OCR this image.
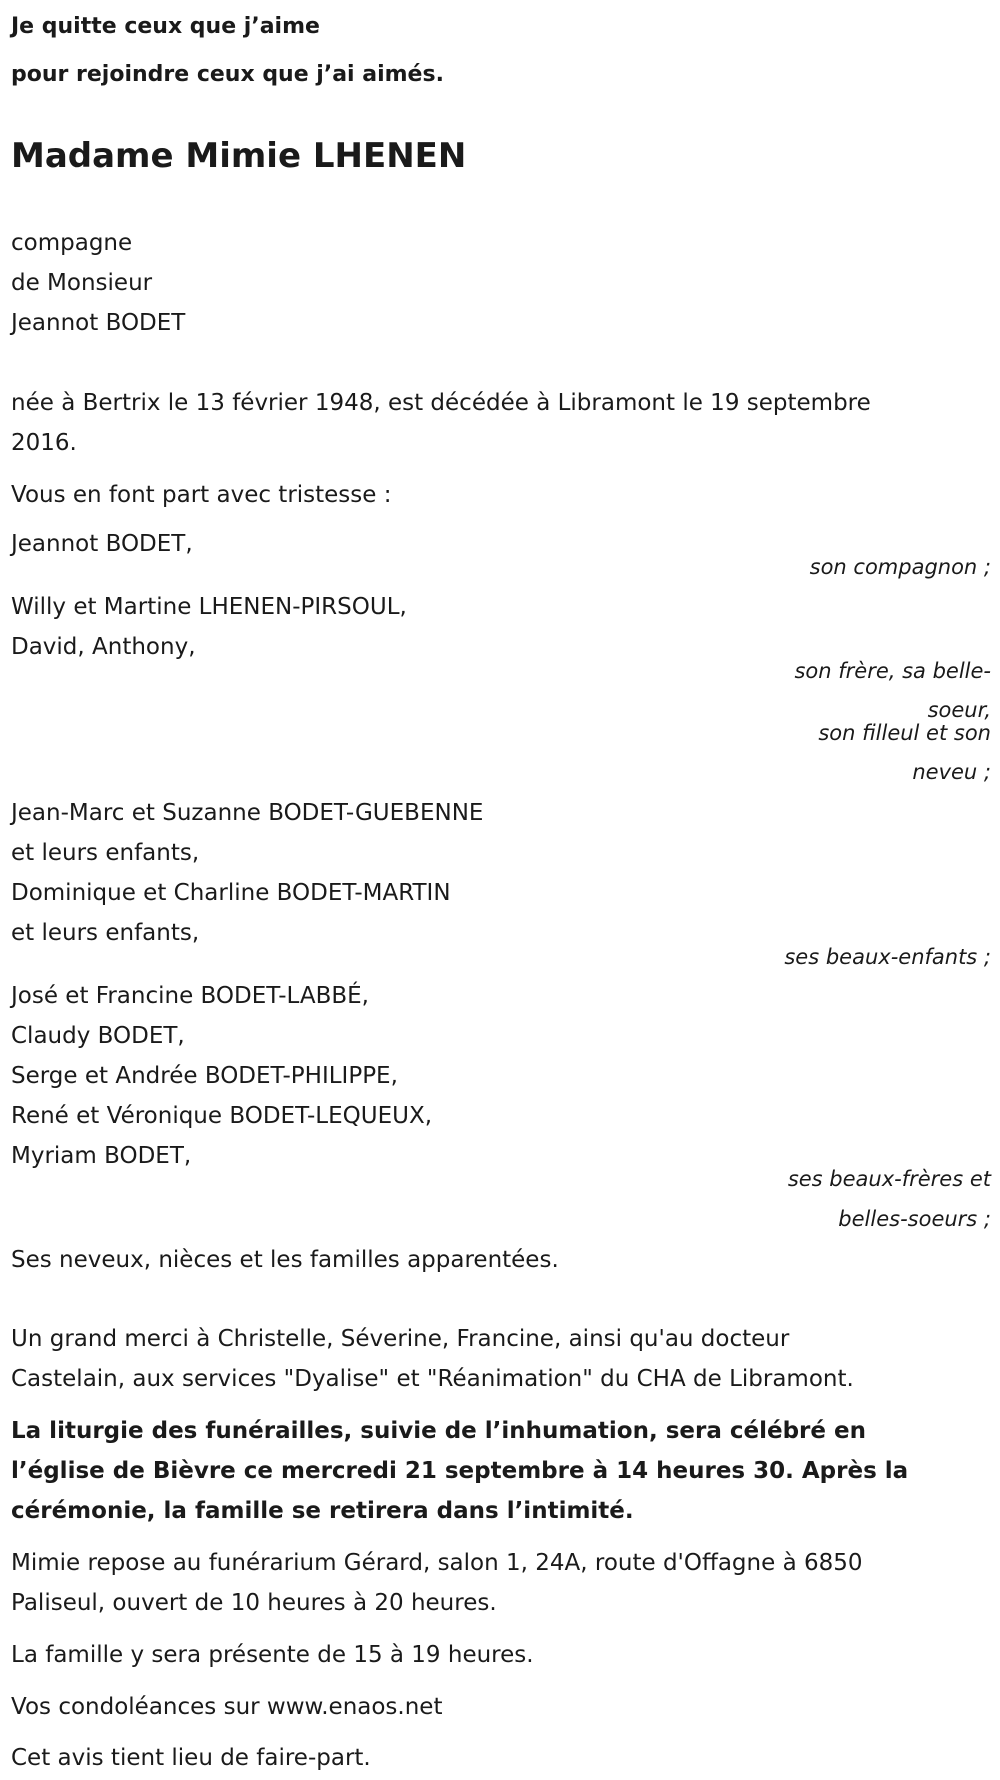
Je quitte ceux que j’aime
pour rejoindre ceux que j’ai aimés.
Madame Mimie LHENEN
compagne
de Monsieur
Jeannot BODET
née à Bertrix le 13 février 1948, est décédée à Libramont le 19 septembre
2016.
Vous en font part avec tristesse :
Jeannot BODET,
son compagnon ;
Willy et Martine LHENEN-PIRSOUL,
David, Anthony,
son frère, sa belle-
soeur,
son filleul et son
neveu ;
Jean-Marc et Suzanne BODET-GUEBENNE
et leurs enfants,
Dominique et Charline BODET-MARTIN
et leurs enfants,
ses beaux-enfants ;
José et Francine BODET-LABBÉ,
Claudy BODET,
Serge et Andrée BODET-PHILIPPE,
René et Véronique BODET-LEQUEUX,
Myriam BODET,
ses beaux-frères et
belles-soeurs ;
Ses neveux, nièces et les familles apparentées.
Un grand merci à Christelle, Séverine, Francine, ainsi qu'au docteur
Castelain, aux services "Dyalise" et "Réanimation" du CHA de Libramont.
La liturgie des funérailles, suivie de l’inhumation, sera célébré en
l’église de Bièvre ce mercredi 21 septembre à 14 heures 30. Après la
cérémonie, la famille se retirera dans l’intimité.
Mimie repose au funérarium Gérard, salon 1, 24A, route d'Offagne à 6850
Paliseul, ouvert de 10 heures à 20 heures.
La famille y sera présente de 15 à 19 heures.
Vos condoléances sur www.enaos.net
Cet avis tient lieu de faire-part.
